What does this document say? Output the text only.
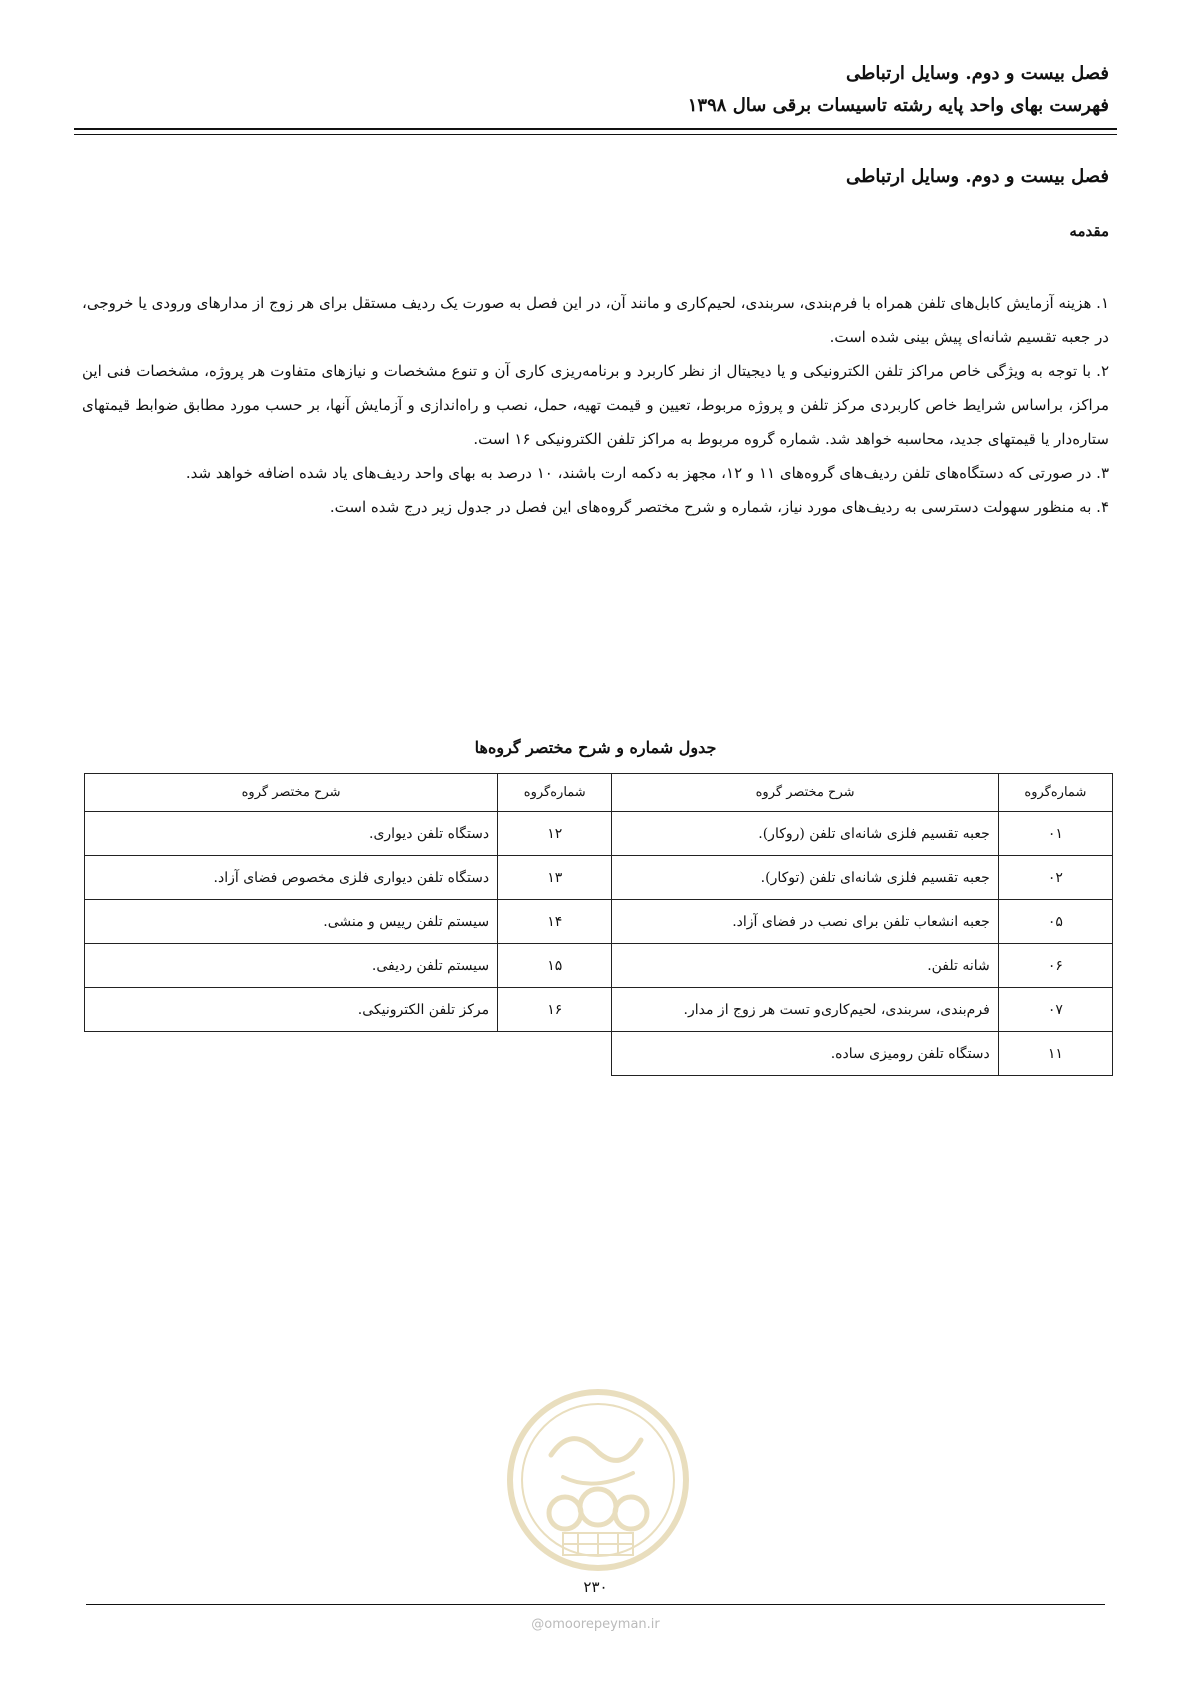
فصل بیست و دوم. وسایل ارتباطی
فهرست بهای واحد پایه رشته تاسیسات برقی سال ۱۳۹۸
فصل بیست و دوم. وسایل ارتباطی
مقدمه

۱. هزینه آزمایش کابل‌های تلفن همراه با فرم‌بندی، سربندی، لحیم‌کاری و مانند آن، در این فصل به صورت یک ردیف مستقل برای هر زوج از مدارهای ورودی یا خروجی، در جعبه تقسیم شانه‌ای پیش بینی شده است.

۲. با توجه به ویژگی خاص مراکز تلفن الکترونیکی و یا دیجیتال از نظر کاربرد و برنامه‌ریزی کاری آن و تنوع مشخصات و نیازهای متفاوت هر پروژه، مشخصات فنی این مراکز، براساس شرایط خاص کاربردی مرکز تلفن و پروژه مربوط، تعیین و قیمت تهیه، حمل، نصب و راه‌اندازی و آزمایش آنها، بر حسب مورد مطابق ضوابط قیمتهای ستاره‌دار یا قیمتهای جدید، محاسبه خواهد شد. شماره گروه مربوط به مراکز تلفن الکترونیکی ۱۶ است.

۳. در صورتی که دستگاه‌های تلفن ردیف‌های گروه‌های ۱۱ و ۱۲، مجهز به دکمه ارت باشند، ۱۰ درصد به بهای واحد ردیف‌های یاد شده اضافه خواهد شد.

۴. به منظور سهولت دسترسی به ردیف‌های مورد نیاز، شماره و شرح مختصر گروه‌های این فصل در جدول زیر درج شده است.

جدول شماره و شرح مختصر گروه‌ها
شماره‌گروه	شرح مختصر گروه	شماره‌گروه	شرح مختصر گروه
۰۱	جعبه تقسیم فلزی شانه‌ای تلفن (روکار).	۱۲	دستگاه تلفن دیواری.
۰۲	جعبه تقسیم فلزی شانه‌ای تلفن (توکار).	۱۳	دستگاه تلفن دیواری فلزی مخصوص فضای آزاد.
۰۵	جعبه انشعاب تلفن برای نصب در فضای آزاد.	۱۴	سیستم تلفن رییس و منشی.
۰۶	شانه تلفن.	۱۵	سیستم تلفن ردیفی.
۰۷	فرم‌بندی، سربندی، لحیم‌کاری‌و تست هر زوج از مدار.	۱۶	مرکز تلفن الکترونیکی.
۱۱	دستگاه تلفن رومیزی ساده.		
۲۳۰
@omoorepeyman.ir
